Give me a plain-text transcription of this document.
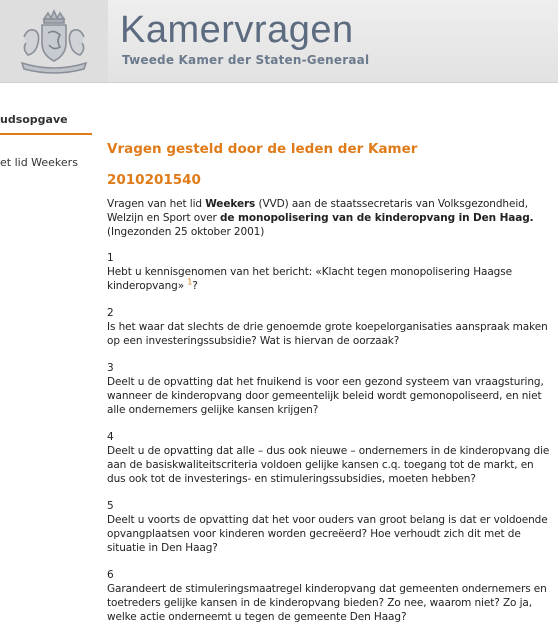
Kamervragen
Tweede Kamer der Staten-Generaal
udsopgave
et lid Weekers
Vragen gesteld door de leden der Kamer
2010201540

Vragen van het lid Weekers (VVD) aan de staatssecretaris van Volksgezondheid, Welzijn en Sport over de monopolisering van de kinderopvang in Den Haag. (Ingezonden 25 oktober 2001)

1
Hebt u kennisgenomen van het bericht: «Klacht tegen monopolisering Haagse kinderopvang» $^1$?
2
Is het waar dat slechts de drie genoemde grote koepelorganisaties aanspraak maken op een investeringssubsidie? Wat is hiervan de oorzaak?
3
Deelt u de opvatting dat het fnuikend is voor een gezond systeem van vraagsturing, wanneer de kinderopvang door gemeentelijk beleid wordt gemonopoliseerd, en niet alle ondernemers gelijke kansen krijgen?
4
Deelt u de opvatting dat alle – dus ook nieuwe – ondernemers in de kinderopvang die aan de basiskwaliteitscriteria voldoen gelijke kansen c.q. toegang tot de markt, en dus ook tot de investerings- en stimuleringssubsidies, moeten hebben?
5
Deelt u voorts de opvatting dat het voor ouders van groot belang is dat er voldoende opvangplaatsen voor kinderen worden gecreëerd? Hoe verhoudt zich dit met de situatie in Den Haag?
6
Garandeert de stimuleringsmaatregel kinderopvang dat gemeenten ondernemers en toetreders gelijke kansen in de kinderopvang bieden? Zo nee, waarom niet? Zo ja, welke actie onderneemt u tegen de gemeente Den Haag?
